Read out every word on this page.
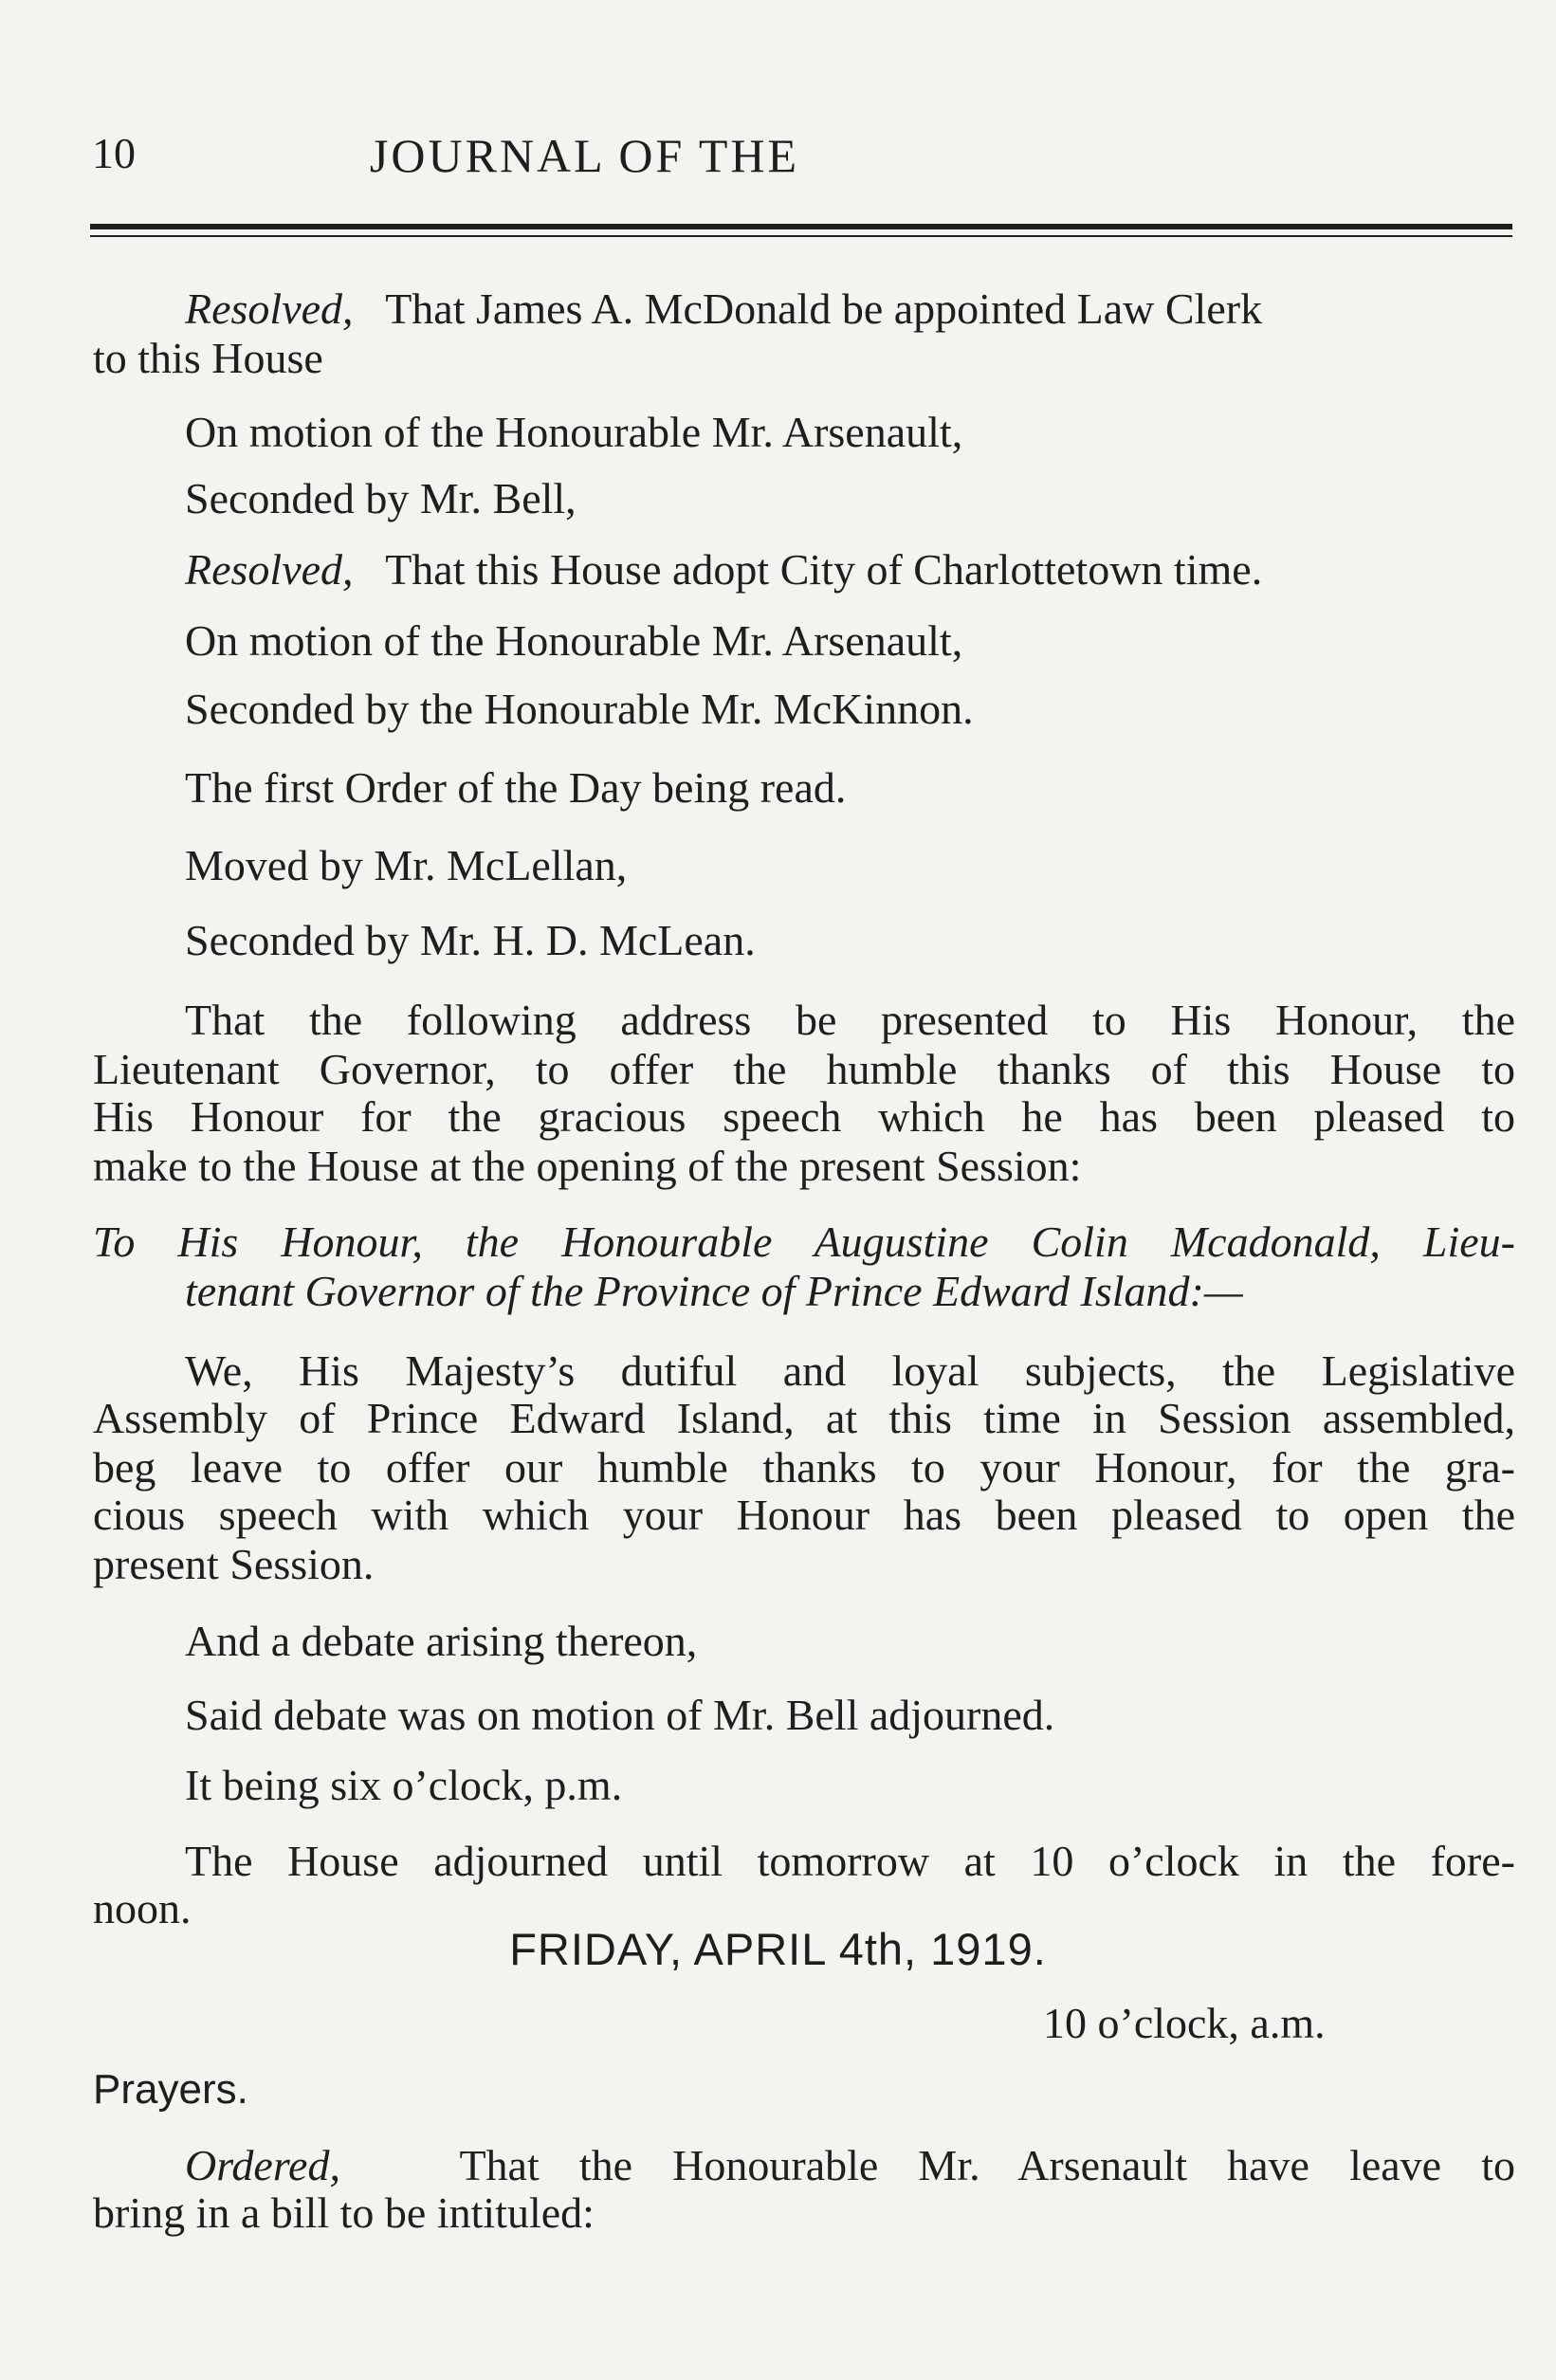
10	JOURNAL OF THE
Resolved, That James A. McDonald be appointed Law Clerk
to this House
On motion of the Honourable Mr. Arsenault,
Seconded by Mr. Bell,
Resolved, That this House adopt City of Charlottetown time.
On motion of the Honourable Mr. Arsenault,
Seconded by the Honourable Mr. McKinnon.
The first Order of the Day being read.
Moved by Mr. McLellan,
Seconded by Mr. H. D. McLean.
That the following address be presented to His Honour, the
Lieutenant Governor, to offer the humble thanks of this House to
His Honour for the gracious speech which he has been pleased to
make to the House at the opening of the present Session:
To His Honour, the Honourable Augustine Colin Mcadonald, Lieu-
tenant Governor of the Province of Prince Edward Island:—
We, His Majesty’s dutiful and loyal subjects, the Legislative
Assembly of Prince Edward Island, at this time in Session assembled,
beg leave to offer our humble thanks to your Honour, for the gra-
cious speech with which your Honour has been pleased to open the
present Session.
And a debate arising thereon,
Said debate was on motion of Mr. Bell adjourned.
It being six o’clock, p.m.
The House adjourned until tomorrow at 10 o’clock in the fore-
noon.
FRIDAY, APRIL 4th, 1919.
10 o’clock, a.m.
Prayers.
Ordered,	That the Honourable Mr. Arsenault have leave to
bring in a bill to be intituled:
